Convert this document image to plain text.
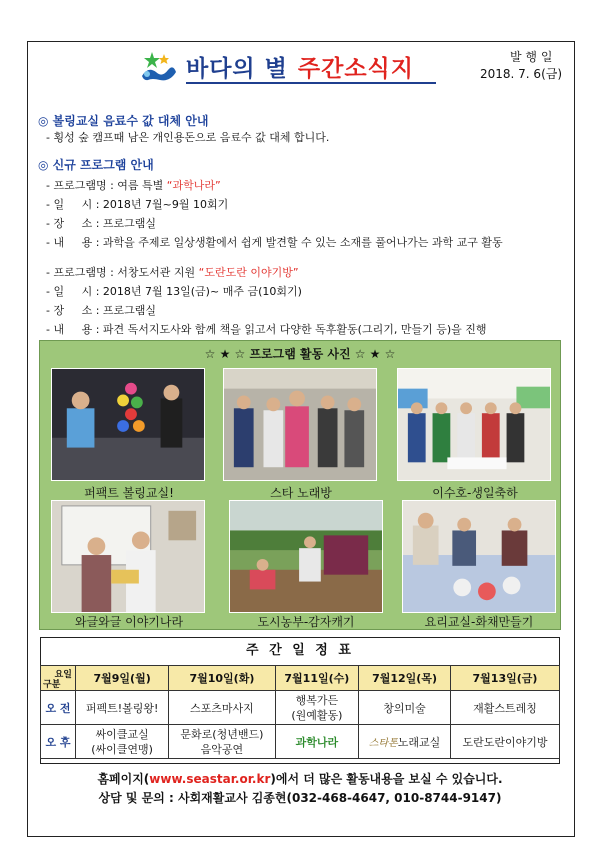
바다의 별 주간소식지	발 행 일
2018. 7. 6(금)
◎ 볼링교실 음료수 값 대체 안내
- 횡성 숲 캠프때 남은 개인용돈으로 음료수 값 대체 합니다.
◎ 신규 프로그램 안내
- 프로그램명 : 여름 특별 “과학나라”
- 일     시 : 2018년 7월~9월 10회기
- 장     소 : 프로그램실
- 내     용 : 과학을 주제로 일상생활에서 쉽게 발견할 수 있는 소재를 풀어나가는 과학 교구 활동
- 프로그램명 : 서창도서관 지원 “도란도란 이야기방”
- 일     시 : 2018년 7월 13일(금)~ 매주 금(10회기)
- 장     소 : 프로그램실
- 내     용 : 파견 독서지도사와 함께 책을 읽고서 다양한 독후활동(그리기, 만들기 등)을 진행
☆ ★ ☆ 프로그램 활동 사진 ☆ ★ ☆
퍼팩트 볼링교실!	스타 노래방	이수호-생일축하
와글와글 이야기나라	도시농부-감자캐기	요리교실-화채만들기
주 간 일 정 표
요일
구분	7월9일(월)	7월10일(화)	7월11일(수)	7월12일(목)	7월13일(금)
오 전	퍼펙트!볼링왕!	스포츠마사지	행복가든
(원예활동)	창의미술	재활스트레칭
오 후	싸이클교실
(싸이클연맹)	문화로(청년밴드)
음악공연	과학나라	스타톤노래교실	도란도란이야기방
홈페이지(www.seastar.or.kr)에서 더 많은 활동내용을 보실 수 있습니다.
상담 및 문의 : 사회재활교사 김종현(032-468-4647, 010-8744-9147)
